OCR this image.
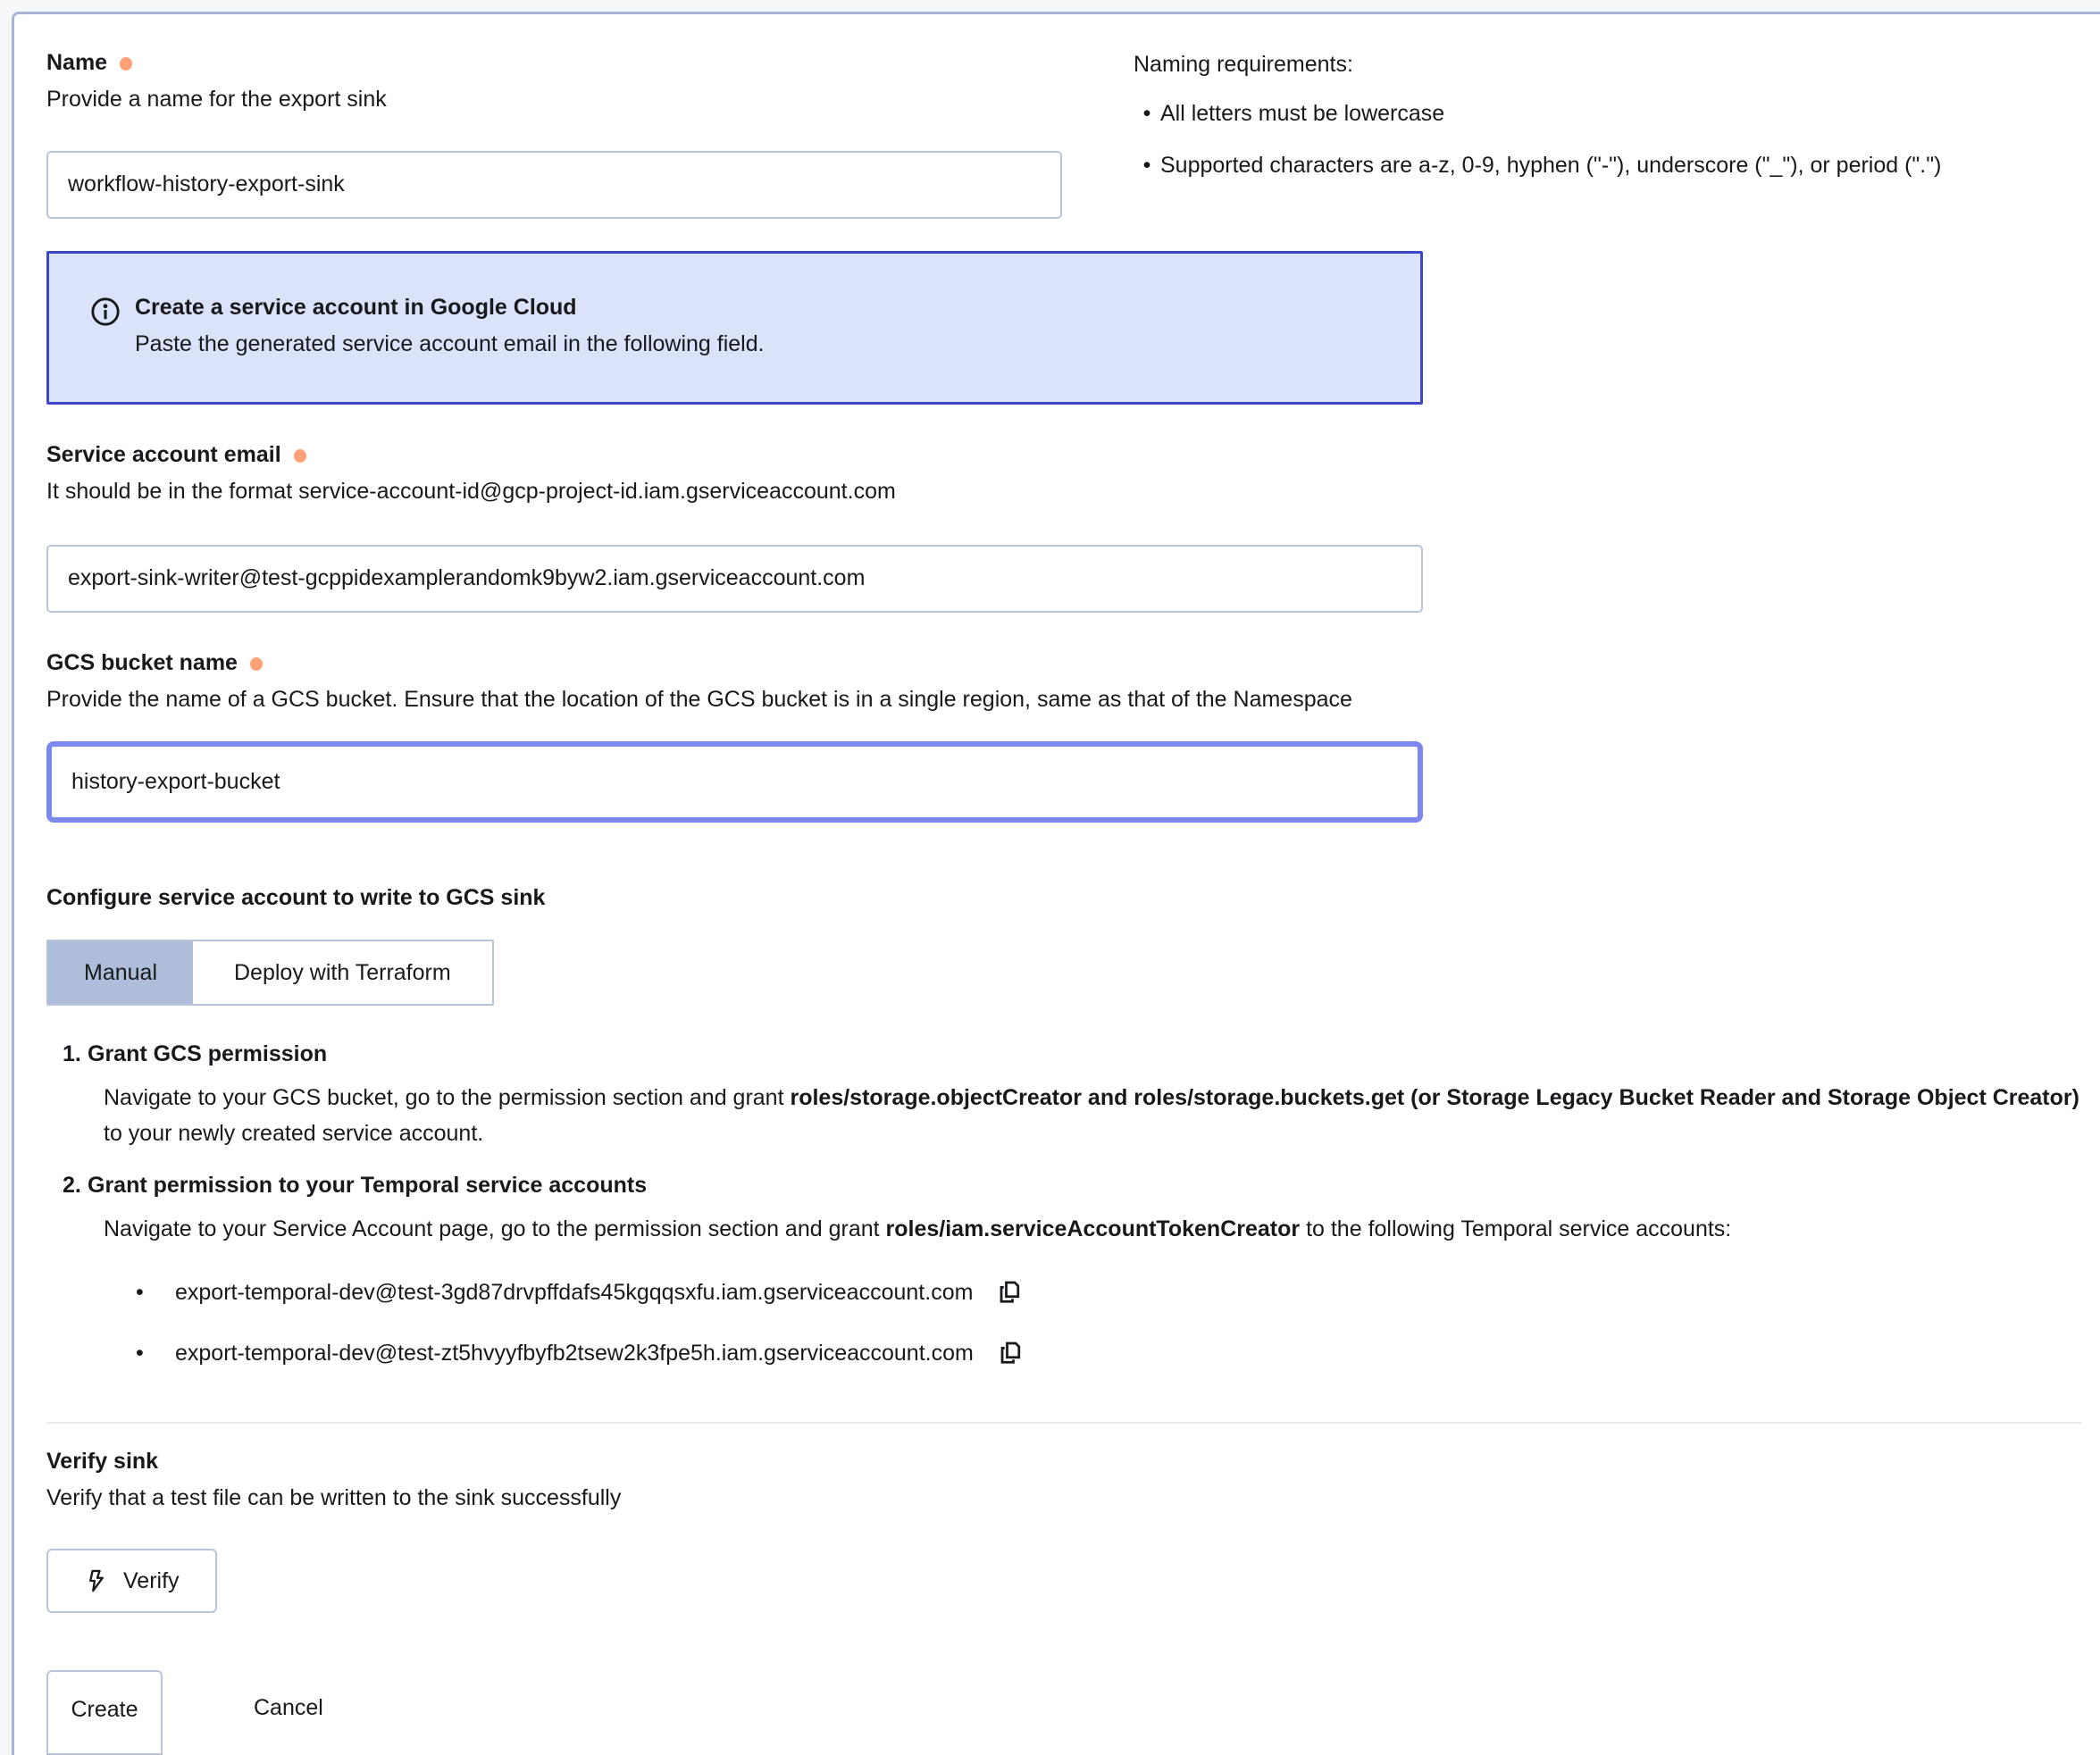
Name
Provide a name for the export sink
workflow-history-export-sink
Naming requirements:
• All letters must be lowercase
• Supported characters are a-z, 0-9, hyphen ("-"), underscore ("_"), or period (".")
Create a service account in Google Cloud
Paste the generated service account email in the following field.
Service account email
It should be in the format service-account-id@gcp-project-id.iam.gserviceaccount.com
export-sink-writer@test-gcppidexamplerandomk9byw2.iam.gserviceaccount.com
GCS bucket name
Provide the name of a GCS bucket. Ensure that the location of the GCS bucket is in a single region, same as that of the Namespace
history-export-bucket
Configure service account to write to GCS sink
Manual	Deploy with Terraform
1. Grant GCS permission
Navigate to your GCS bucket, go to the permission section and grant roles/storage.objectCreator and roles/storage.buckets.get (or Storage Legacy Bucket Reader and Storage Object Creator) to your newly created service account.
2. Grant permission to your Temporal service accounts
Navigate to your Service Account page, go to the permission section and grant roles/iam.serviceAccountTokenCreator to the following Temporal service accounts:
•	export-temporal-dev@test-3gd87drvpffdafs45kgqqsxfu.iam.gserviceaccount.com
•	export-temporal-dev@test-zt5hvyyfbyfb2tsew2k3fpe5h.iam.gserviceaccount.com
Verify sink
Verify that a test file can be written to the sink successfully
Verify
Create	Cancel
